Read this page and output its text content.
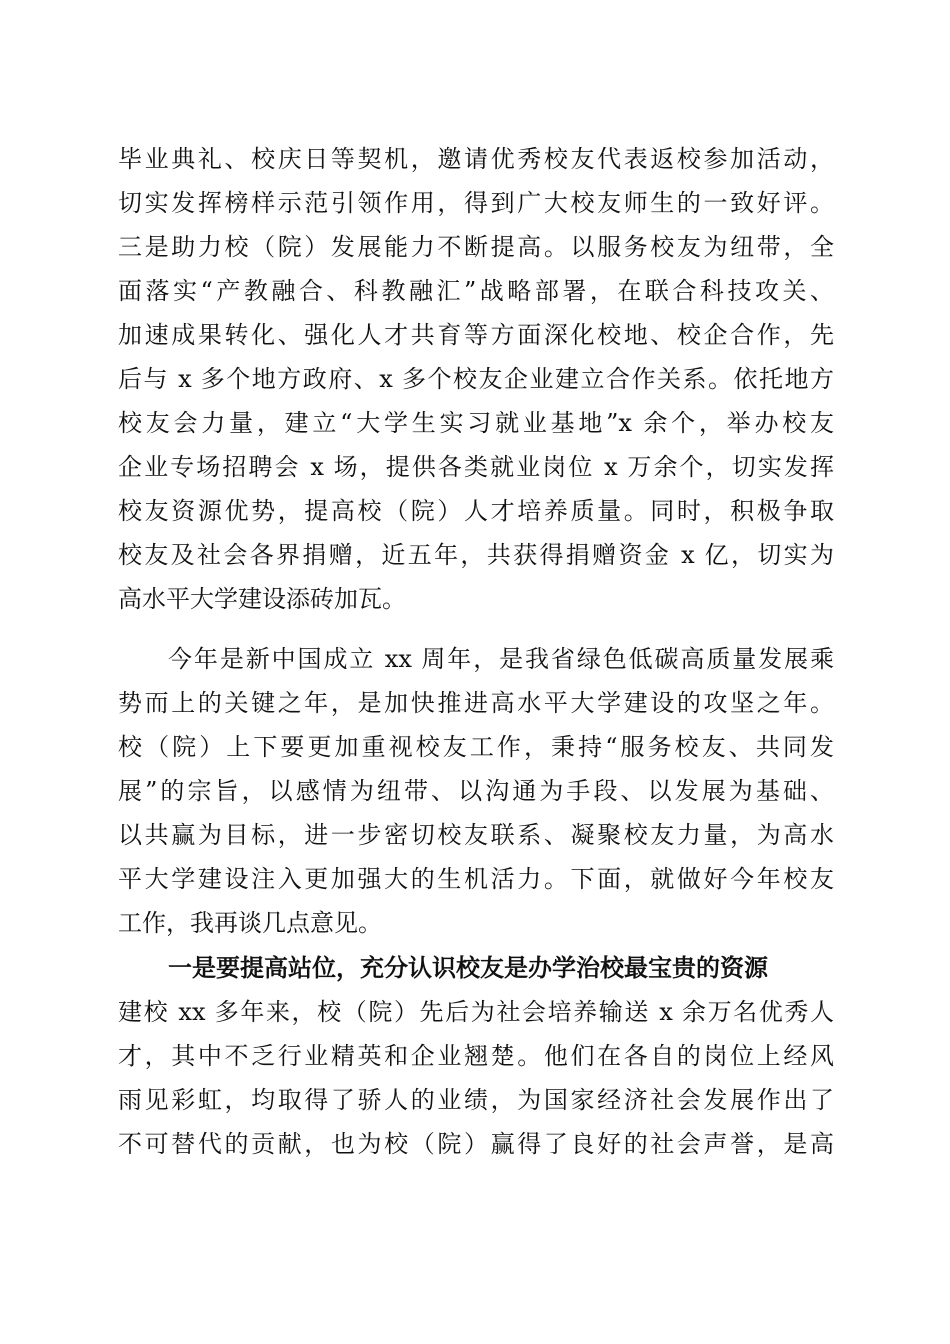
毕业典礼、校庆日等契机，邀请优秀校友代表返校参加活动，
切实发挥榜样示范引领作用，得到广大校友师生的一致好评。
三是助力校（院）发展能力不断提高。以服务校友为纽带，全
面落实“产教融合、科教融汇”战略部署，在联合科技攻关、
加速成果转化、强化人才共育等方面深化校地、校企合作，先
后与 x 多个地方政府、x 多个校友企业建立合作关系。依托地方
校友会力量，建立“大学生实习就业基地”x 余个，举办校友
企业专场招聘会 x 场，提供各类就业岗位 x 万余个，切实发挥
校友资源优势，提高校（院）人才培养质量。同时，积极争取
校友及社会各界捐赠，近五年，共获得捐赠资金 x 亿，切实为
高水平大学建设添砖加瓦。
今年是新中国成立 xx 周年，是我省绿色低碳高质量发展乘
势而上的关键之年，是加快推进高水平大学建设的攻坚之年。
校（院）上下要更加重视校友工作，秉持“服务校友、共同发
展”的宗旨，以感情为纽带、以沟通为手段、以发展为基础、
以共赢为目标，进一步密切校友联系、凝聚校友力量，为高水
平大学建设注入更加强大的生机活力。下面，就做好今年校友
工作，我再谈几点意见。
一是要提高站位，充分认识校友是办学治校最宝贵的资源
建校 xx 多年来，校（院）先后为社会培养输送 x 余万名优秀人
才，其中不乏行业精英和企业翘楚。他们在各自的岗位上经风
雨见彩虹，均取得了骄人的业绩，为国家经济社会发展作出了
不可替代的贡献，也为校（院）赢得了良好的社会声誉，是高
